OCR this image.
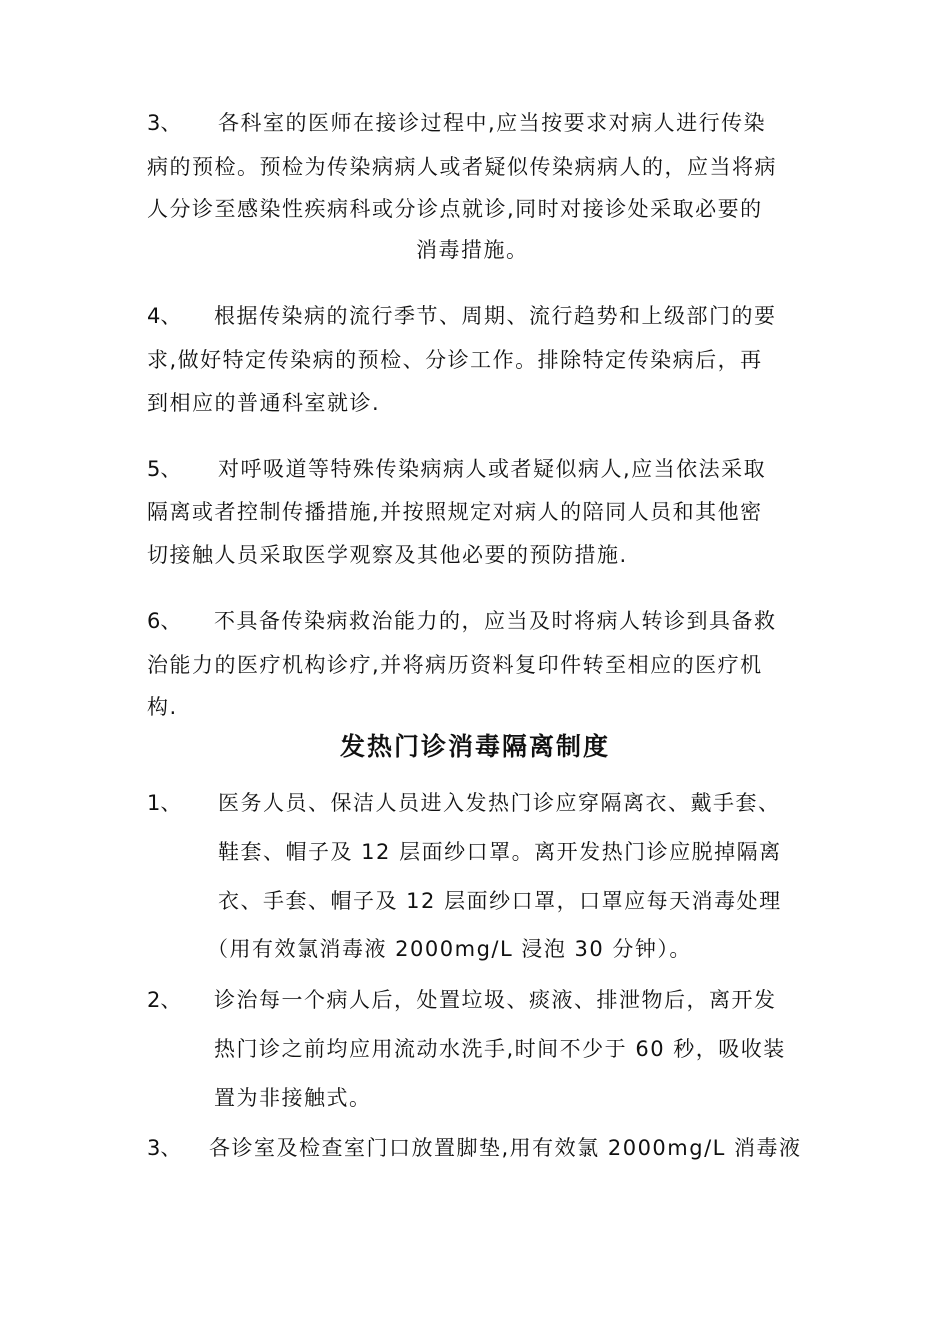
3、 各科室的医师在接诊过程中,应当按要求对病人进行传染
病的预检。预检为传染病病人或者疑似传染病病人的，应当将病
人分诊至感染性疾病科或分诊点就诊,同时对接诊处采取必要的
消毒措施。
4、 根据传染病的流行季节、周期、流行趋势和上级部门的要
求,做好特定传染病的预检、分诊工作。排除特定传染病后，再
到相应的普通科室就诊.
5、 对呼吸道等特殊传染病病人或者疑似病人,应当依法采取
隔离或者控制传播措施,并按照规定对病人的陪同人员和其他密
切接触人员采取医学观察及其他必要的预防措施.
6、 不具备传染病救治能力的，应当及时将病人转诊到具备救
治能力的医疗机构诊疗,并将病历资料复印件转至相应的医疗机
构.
发热门诊消毒隔离制度
1、 医务人员、保洁人员进入发热门诊应穿隔离衣、戴手套、
鞋套、帽子及 12 层面纱口罩。离开发热门诊应脱掉隔离
衣、手套、帽子及 12 层面纱口罩，口罩应每天消毒处理
（用有效氯消毒液 2000mg/L 浸泡 30 分钟）。
2、 诊治每一个病人后，处置垃圾、痰液、排泄物后，离开发
热门诊之前均应用流动水洗手,时间不少于 60 秒，吸收装
置为非接触式。
3、 各诊室及检查室门口放置脚垫,用有效氯 2000mg/L 消毒液
